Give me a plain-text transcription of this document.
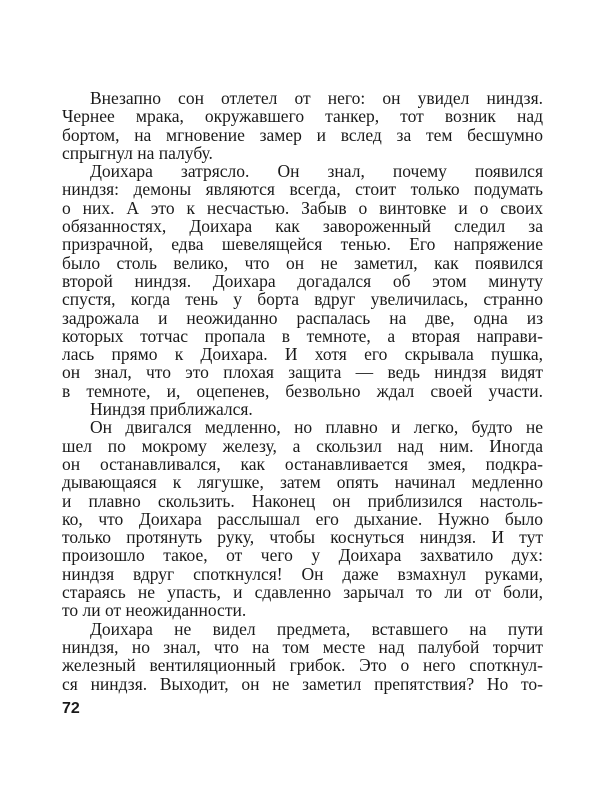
Внезапно сон отлетел от него: он увидел ниндзя.
Чернее мрака, окружавшего танкер, тот возник над
бортом, на мгновение замер и вслед за тем бесшумно
спрыгнул на палубу.
Доихара затрясло. Он знал, почему появился
ниндзя: демоны являются всегда, стоит только подумать
о них. А это к несчастью. Забыв о винтовке и о своих
обязанностях, Доихара как завороженный следил за
призрачной, едва шевелящейся тенью. Его напряжение
было столь велико, что он не заметил, как появился
второй ниндзя. Доихара догадался об этом минуту
спустя, когда тень у борта вдруг увеличилась, странно
задрожала и неожиданно распалась на две, одна из
которых тотчас пропала в темноте, а вторая направи-
лась прямо к Доихара. И хотя его скрывала пушка,
он знал, что это плохая защита — ведь ниндзя видят
в темноте, и, оцепенев, безвольно ждал своей участи.
Ниндзя приближался.
Он двигался медленно, но плавно и легко, будто не
шел по мокрому железу, а скользил над ним. Иногда
он останавливался, как останавливается змея, подкра-
дывающаяся к лягушке, затем опять начинал медленно
и плавно скользить. Наконец он приблизился настоль-
ко, что Доихара расслышал его дыхание. Нужно было
только протянуть руку, чтобы коснуться ниндзя. И тут
произошло такое, от чего у Доихара захватило дух:
ниндзя вдруг споткнулся! Он даже взмахнул руками,
стараясь не упасть, и сдавленно зарычал то ли от боли,
то ли от неожиданности.
Доихара не видел предмета, вставшего на пути
ниндзя, но знал, что на том месте над палубой торчит
железный вентиляционный грибок. Это о него споткнул-
ся ниндзя. Выходит, он не заметил препятствия? Но то-
72
